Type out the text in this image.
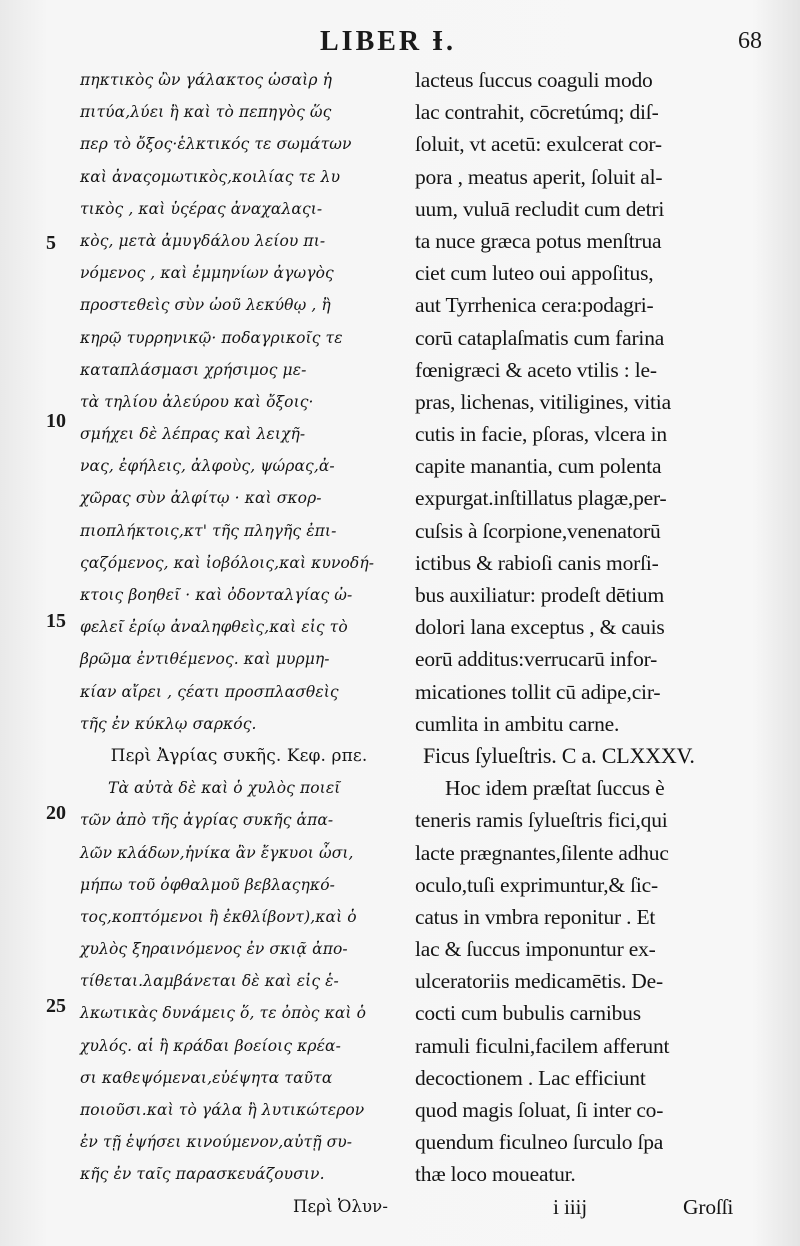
LIBER Ɨ.	68
5
10
15
20
25
πηκτικὸς ὢν γάλακτος ὡσαὶρ ἡ
πιτύα,λύει ἢ καὶ τὸ πεπηγὸς ὥς
περ τὸ ὄξος·ἑλκτικός τε σωμάτων
καὶ ἀναςομωτικὸς,κοιλίας τε λυ
τικὸς , καὶ ὑςέρας ἀναχαλαςι-
κὸς, μετὰ ἀμυγδάλου λείου πι-
νόμενος , καὶ ἐμμηνίων ἀγωγὸς
προστεθεὶς σὺν ὠοῦ λεκύθῳ , ἢ
κηρῷ τυρρηνικῷ· ποδαγρικοῖς τε
καταπλάσμασι χρήσιμος με-
τὰ τηλίου ἀλεύρου καὶ ὄξοις·
σμήχει δὲ λέπρας καὶ λειχῆ-
νας, ἐφήλεις, ἀλφοὺς, ψώρας,ἀ-
χῶρας σὺν ἀλφίτῳ · καὶ σκορ-
πιοπλήκτοις,κτ' τῆς πληγῆς ἐπι-
ςαζόμενος, καὶ ἰοβόλοις,καὶ κυνοδή-
κτοις βοηθεῖ · καὶ ὀδονταλγίας ὠ-
φελεῖ ἐρίῳ ἀναληφθεὶς,καὶ εἰς τὸ
βρῶμα ἐντιθέμενος. καὶ μυρμη-
κίαν αἴρει , ςέατι προσπλασθεὶς
τῆς ἐν κύκλῳ σαρκός.
Περὶ Ἀγρίας συκῆς. Κεφ. ρπε.
Τὰ αὐτὰ δὲ καὶ ὁ χυλὸς ποιεῖ
τῶν ἀπὸ τῆς ἀγρίας συκῆς ἁπα-
λῶν κλάδων,ἡνίκα ἂν ἔγκυοι ὦσι,
μήπω τοῦ ὀφθαλμοῦ βεβλαςηκό-
τος,κοπτόμενοι ἢ ἐκθλίβοντ),καὶ ὁ
χυλὸς ξηραινόμενος ἐν σκιᾷ ἀπο-
τίθεται.λαμβάνεται δὲ καὶ εἰς ἑ-
λκωτικὰς δυνάμεις ὅ, τε ὀπὸς καὶ ὁ
χυλός. αἱ ἢ κράδαι βοείοις κρέα-
σι καθεψόμεναι,εὐέψητα ταῦτα
ποιοῦσι.καὶ τὸ γάλα ἢ λυτικώτερον
ἐν τῇ ἑψήσει κινούμενον,αὐτῇ συ-
κῆς ἐν ταῖς παρασκευάζουσιν.
Περὶ Ὀλυν-
lacteus ſuccus coaguli modo
lac contrahit, cōcretúmq; diſ-
ſoluit, vt acetū: exulcerat cor-
pora , meatus aperit, ſoluit al-
uum, vuluā recludit cum detri
ta nuce græca potus menſtrua
ciet cum luteo oui appoſitus,
aut Tyrrhenica cera:podagri-
corū cataplaſmatis cum farina
fœnigræci & aceto vtilis : le-
pras, lichenas, vitiligines, vitia
cutis in facie, pſoras, vlcera in
capite manantia, cum polenta
expurgat.inſtillatus plagæ,per-
cuſsis à ſcorpione,venenatorū
ictibus & rabioſi canis morſi-
bus auxiliatur: prodeſt dētium
dolori lana exceptus , & cauis
eorū additus:verrucarū infor-
micationes tollit cū adipe,cir-
cumlita in ambitu carne.
Ficus ſylueſtris. C a. CLXXXV.
Hoc idem præſtat ſuccus è
teneris ramis ſylueſtris fici,qui
lacte prægnantes,ſilente adhuc
oculo,tuſi exprimuntur,& ſic-
catus in vmbra reponitur . Et
lac & ſuccus imponuntur ex-
ulceratoriis medicamētis. De-
cocti cum bubulis carnibus
ramuli ficulni,facilem afferunt
decoctionem . Lac efficiunt
quod magis ſoluat, ſi inter co-
quendum ficulneo ſurculo ſpa
thæ loco moueatur.
i iiij	Groſſi
